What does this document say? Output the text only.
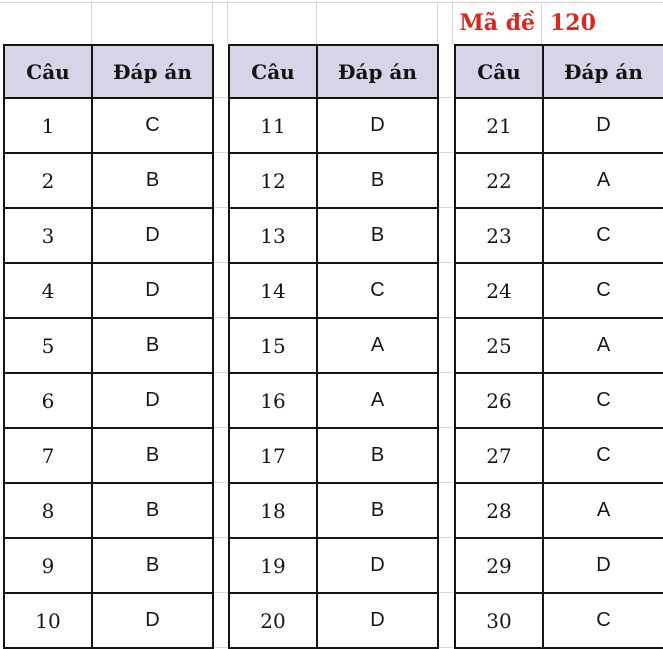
Mã đề 120
Câu	Đáp án
1	C
2	B
3	D
4	D
5	B
6	D
7	B
8	B
9	B
10	D
Câu	Đáp án
11	D
12	B
13	B
14	C
15	A
16	A
17	B
18	B
19	D
20	D
Câu	Đáp án
21	D
22	A
23	C
24	C
25	A
26	C
27	C
28	A
29	D
30	C
